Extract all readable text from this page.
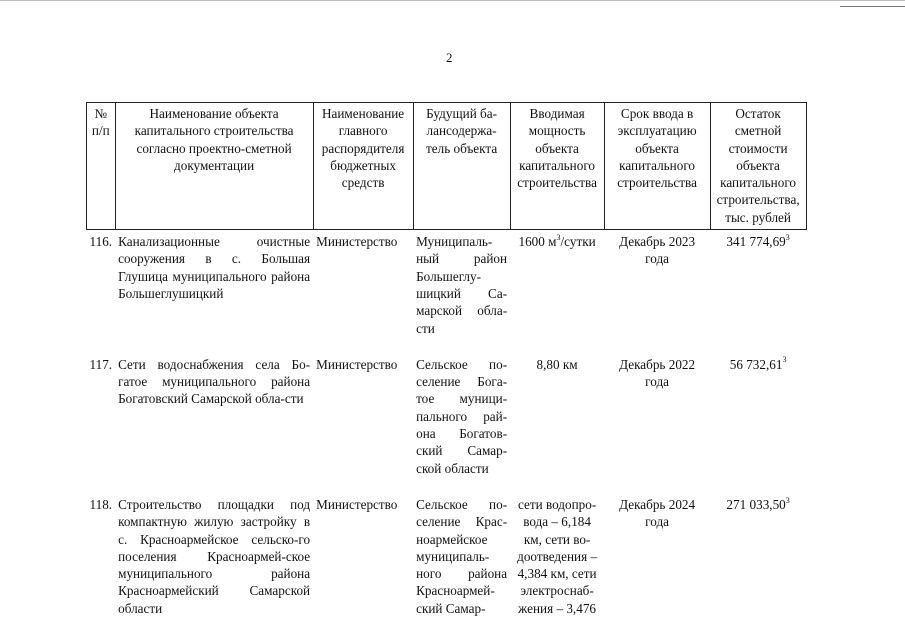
2
№ п/п	Наименование объекта капитального строительства согласно проектно-сметной документации	Наименование главного распорядителя бюджетных средств	Будущий ба-лансодержа-тель объекта	Вводимая мощность объекта капитального строительства	Срок ввода в эксплуатацию объекта капитального строительства	Остаток сметной стоимости объекта капитального строительства, тыс. рублей
116.	Канализационные очистные сооружения в с. Большая Глушица муниципального района Большеглушицкий	Министерство	Муниципаль-ный район Большеглу-шицкий Са-марской обла-сти	1600 $м^3$/сутки	Декабрь 2023 года	341 774,69$^3$
117.	Сети водоснабжения села Бо-гатое муниципального района Богатовский Самарской обла-сти	Министерство	Сельское по-селение Бога-тое муници-пального рай-она Богатов-ский Самар-ской области	8,80 км	Декабрь 2022 года	56 732,61$^3$
118.	Строительство площадки под компактную жилую застройку в с. Красноармейское сельско-го поселения Красноармей-ское муниципального района Красноармейский Самарской области	Министерство	Сельское по-селение Крас-ноармейское муниципаль-ного района Красноармей-ский Самар-	сети водопро-вода – 6,184 км, сети во-доотведения – 4,384 км, сети электроснаб-жения – 3,476	Декабрь 2024 года	271 033,50$^3$
